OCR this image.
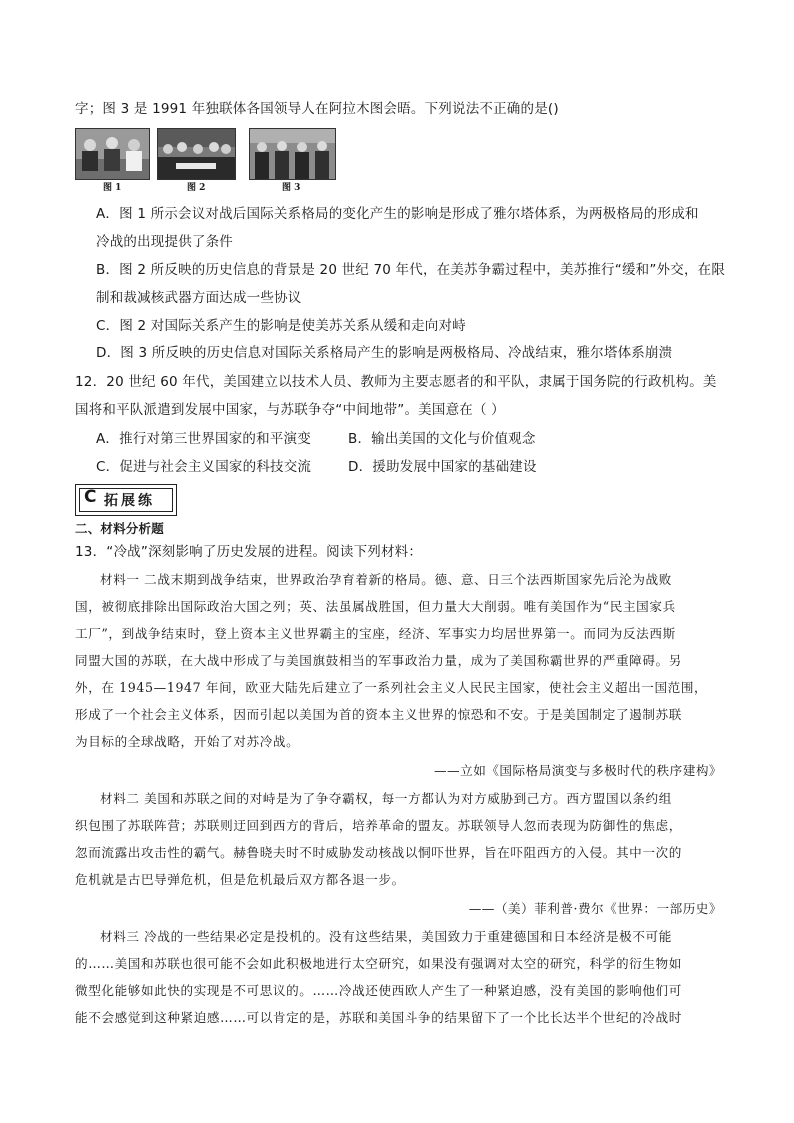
字；图 3 是 1991 年独联体各国领导人在阿拉木图会晤。下列说法不正确的是()
图 1	图 2	图 3
A．图 1 所示会议对战后国际关系格局的变化产生的影响是形成了雅尔塔体系，为两极格局的形成和
冷战的出现提供了条件
B．图 2 所反映的历史信息的背景是 20 世纪 70 年代，在美苏争霸过程中，美苏推行“缓和”外交，在限
制和裁减核武器方面达成一些协议
C．图 2 对国际关系产生的影响是使美苏关系从缓和走向对峙
D．图 3 所反映的历史信息对国际关系格局产生的影响是两极格局、冷战结束，雅尔塔体系崩溃
12．20 世纪 60 年代，美国建立以技术人员、教师为主要志愿者的和平队，隶属于国务院的行政机构。美
国将和平队派遣到发展中国家，与苏联争夺“中间地带”。美国意在（ ）
A．推行对第三世界国家的和平演变	B．输出美国的文化与价值观念
C．促进与社会主义国家的科技交流	D．援助发展中国家的基础建设
C 拓展练
二、材料分析题
13．“冷战”深刻影响了历史发展的进程。阅读下列材料：
材料一 二战末期到战争结束，世界政治孕育着新的格局。德、意、日三个法西斯国家先后沦为战败
国，被彻底排除出国际政治大国之列；英、法虽属战胜国，但力量大大削弱。唯有美国作为“民主国家兵
工厂”，到战争结束时，登上资本主义世界霸主的宝座，经济、军事实力均居世界第一。而同为反法西斯
同盟大国的苏联，在大战中形成了与美国旗鼓相当的军事政治力量，成为了美国称霸世界的严重障碍。另
外，在 1945—1947 年间，欧亚大陆先后建立了一系列社会主义人民民主国家，使社会主义超出一国范围，
形成了一个社会主义体系，因而引起以美国为首的资本主义世界的惊恐和不安。于是美国制定了遏制苏联
为目标的全球战略，开始了对苏冷战。
——立如《国际格局演变与多极时代的秩序建构》
材料二 美国和苏联之间的对峙是为了争夺霸权，每一方都认为对方威胁到己方。西方盟国以条约组
织包围了苏联阵营；苏联则迂回到西方的背后，培养革命的盟友。苏联领导人忽而表现为防御性的焦虑，
忽而流露出攻击性的霸气。赫鲁晓夫时不时威胁发动核战以恫吓世界，旨在吓阻西方的入侵。其中一次的
危机就是古巴导弹危机，但是危机最后双方都各退一步。
——（美）菲利普·费尔《世界：一部历史》
材料三 冷战的一些结果必定是投机的。没有这些结果，美国致力于重建德国和日本经济是极不可能
的……美国和苏联也很可能不会如此积极地进行太空研究，如果没有强调对太空的研究，科学的衍生物如
微型化能够如此快的实现是不可思议的。……冷战还使西欧人产生了一种紧迫感，没有美国的影响他们可
能不会感觉到这种紧迫感……可以肯定的是，苏联和美国斗争的结果留下了一个比长达半个世纪的冷战时
